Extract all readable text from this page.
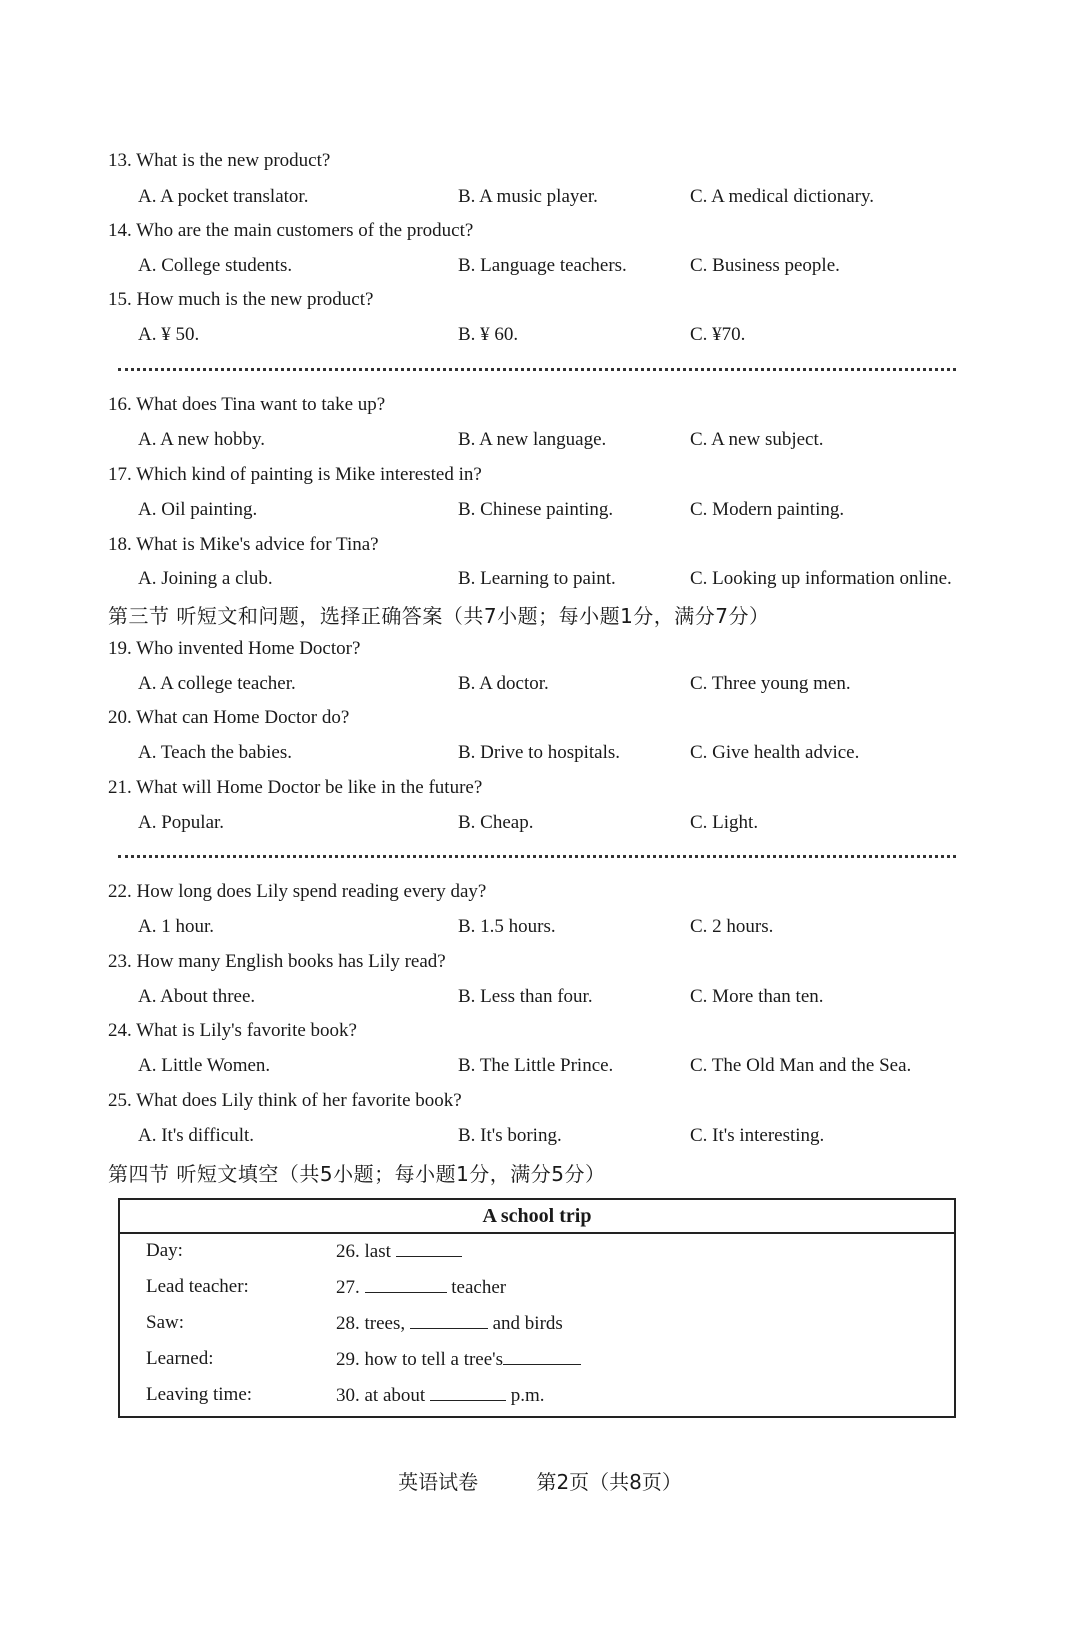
13. What is the new product?
A. A pocket translator.	B. A music player.	C. A medical dictionary.
14. Who are the main customers of the product?
A. College students.	B. Language teachers.	C. Business people.
15. How much is the new product?
A. ¥ 50.	B. ¥ 60.	C. ¥70.
16. What does Tina want to take up?
A. A new hobby.	B. A new language.	C. A new subject.
17. Which kind of painting is Mike interested in?
A. Oil painting.	B. Chinese painting.	C. Modern painting.
18. What is Mike's advice for Tina?
A. Joining a club.	B. Learning to paint.	C. Looking up information online.
第三节 听短文和问题，选择正确答案（共7小题；每小题1分，满分7分）
19. Who invented Home Doctor?
A. A college teacher.	B. A doctor.	C. Three young men.
20. What can Home Doctor do?
A. Teach the babies.	B. Drive to hospitals.	C. Give health advice.
21. What will Home Doctor be like in the future?
A. Popular.	B. Cheap.	C. Light.
22. How long does Lily spend reading every day?
A. 1 hour.	B. 1.5 hours.	C. 2 hours.
23. How many English books has Lily read?
A. About three.	B. Less than four.	C. More than ten.
24. What is Lily's favorite book?
A. Little Women.	B. The Little Prince.	C. The Old Man and the Sea.
25. What does Lily think of her favorite book?
A. It's difficult.	B. It's boring.	C. It's interesting.
第四节 听短文填空（共5小题；每小题1分，满分5分）
A school trip
Day:	26. last
Lead teacher:	27.	teacher
Saw:	28. trees,	and birds
Learned:	29. how to tell a tree's
Leaving time:	30. at about	p.m.
英语试卷	第2页（共8页）
